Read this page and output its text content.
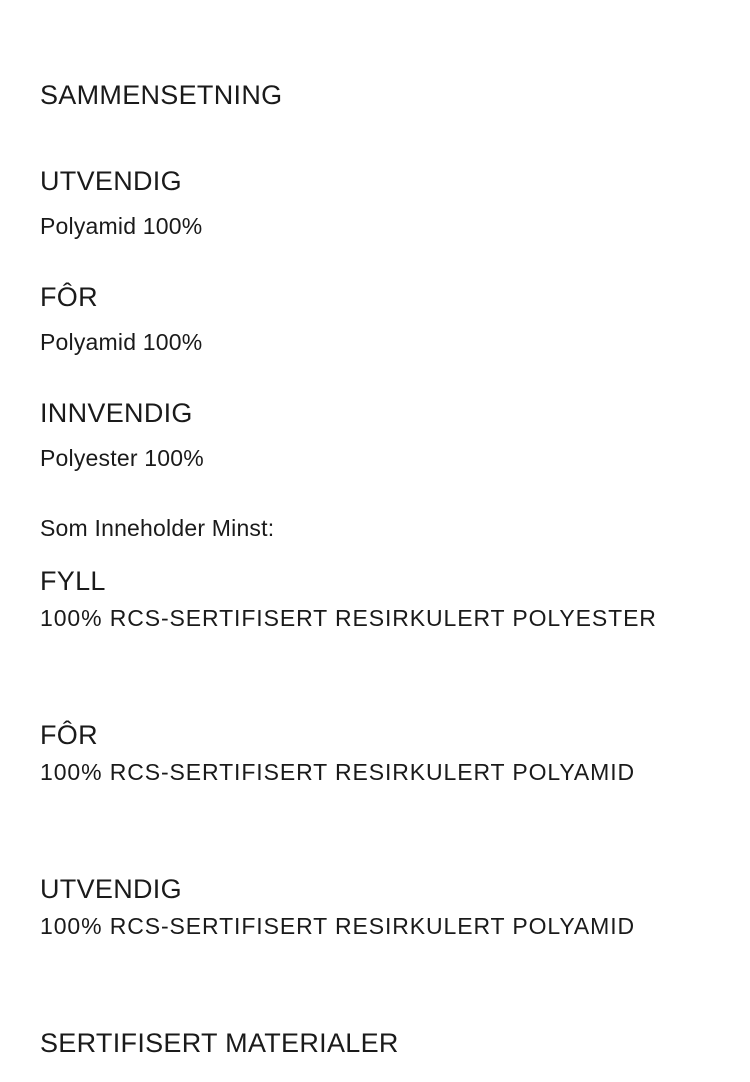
SAMMENSETNING
UTVENDIG
Polyamid 100%
FÔR
Polyamid 100%
INNVENDIG
Polyester 100%
Som Inneholder Minst:
FYLL
100% RCS-SERTIFISERT RESIRKULERT POLYESTER
FÔR
100% RCS-SERTIFISERT RESIRKULERT POLYAMID
UTVENDIG
100% RCS-SERTIFISERT RESIRKULERT POLYAMID
SERTIFISERT MATERIALER
